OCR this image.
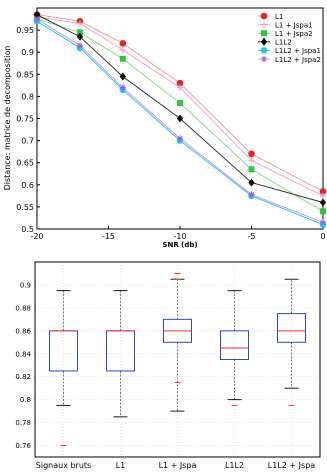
-20	-15	-10	-5	0
0.5
0.55
0.6
0.65
0.7
0.75
0.8
0.85
0.9
0.95
SNR (db)
Distance: matrice de decomposition
L1
L1 + Jspa1
L1 + Jspa2
L1L2
L1L2 + Jspa1
L1L2 + Jspa2
0.76
0.78
0.8
0.82
0.84
0.86
0.88
0.9
Signaux bruts	L1	L1 + Jspa	L1L2	L1L2 + Jspa
